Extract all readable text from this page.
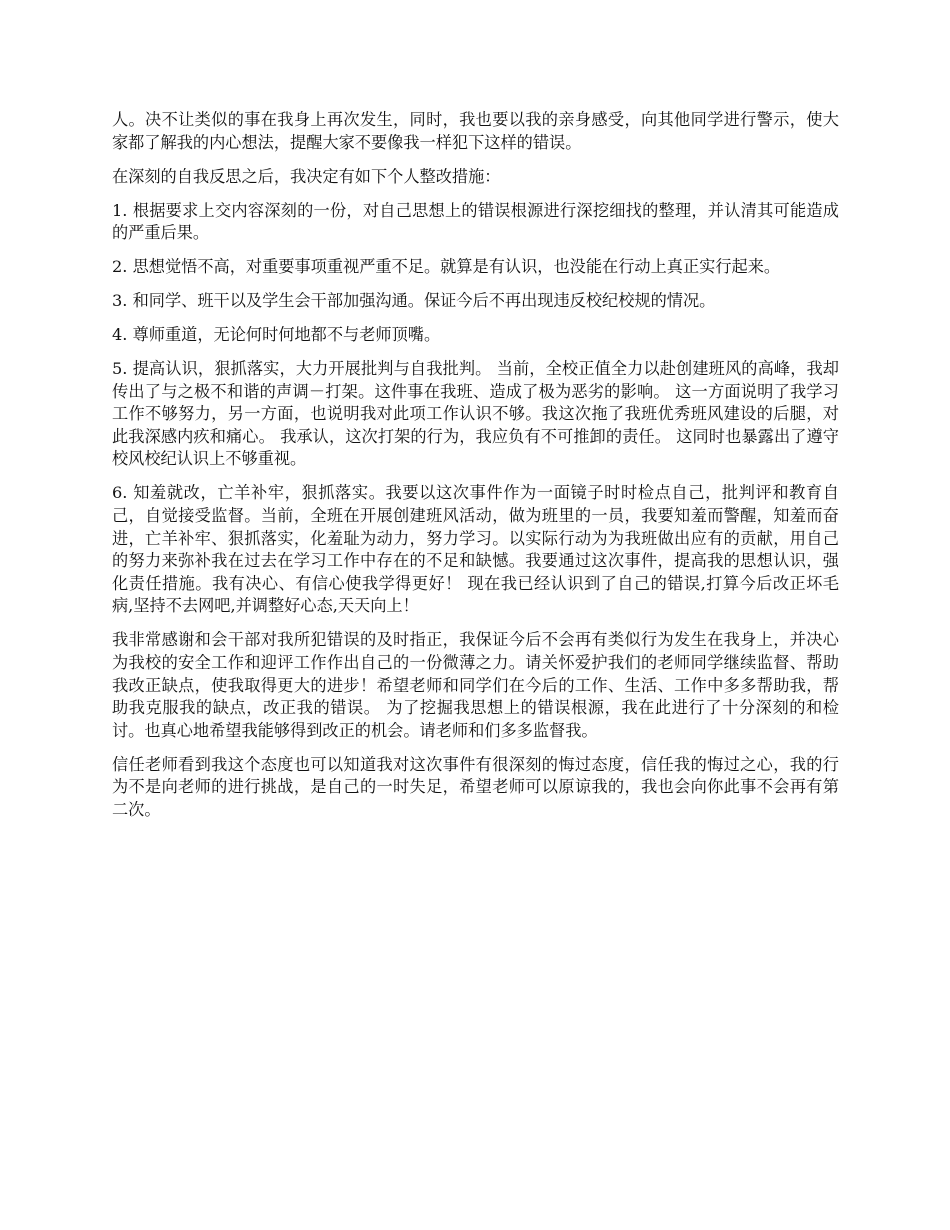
人。决不让类似的事在我身上再次发生，同时，我也要以我的亲身感受，向其他同学进行警示，使大家都了解我的内心想法，提醒大家不要像我一样犯下这样的错误。

在深刻的自我反思之后，我决定有如下个人整改措施：

1. 根据要求上交内容深刻的一份，对自己思想上的错误根源进行深挖细找的整理，并认清其可能造成的严重后果。

2. 思想觉悟不高，对重要事项重视严重不足。就算是有认识，也没能在行动上真正实行起来。

3. 和同学、班干以及学生会干部加强沟通。保证今后不再出现违反校纪校规的情况。

4. 尊师重道，无论何时何地都不与老师顶嘴。

5. 提高认识，狠抓落实，大力开展批判与自我批判。 当前，全校正值全力以赴创建班风的高峰，我却传出了与之极不和谐的声调－打架。这件事在我班、造成了极为恶劣的影响。 这一方面说明了我学习工作不够努力，另一方面，也说明我对此项工作认识不够。我这次拖了我班优秀班风建设的后腿，对此我深感内疚和痛心。 我承认，这次打架的行为，我应负有不可推卸的责任。 这同时也暴露出了遵守校风校纪认识上不够重视。

6. 知羞就改，亡羊补牢，狠抓落实。我要以这次事件作为一面镜子时时检点自己，批判评和教育自己，自觉接受监督。当前，全班在开展创建班风活动，做为班里的一员，我要知羞而警醒，知羞而奋进，亡羊补牢、狠抓落实，化羞耻为动力，努力学习。以实际行动为为我班做出应有的贡献，用自己的努力来弥补我在过去在学习工作中存在的不足和缺憾。我要通过这次事件，提高我的思想认识，强化责任措施。我有决心、有信心使我学得更好！ 现在我已经认识到了自己的错误,打算今后改正坏毛病,坚持不去网吧,并调整好心态,天天向上！

我非常感谢和会干部对我所犯错误的及时指正，我保证今后不会再有类似行为发生在我身上，并决心为我校的安全工作和迎评工作作出自己的一份微薄之力。请关怀爱护我们的老师同学继续监督、帮助我改正缺点，使我取得更大的进步！希望老师和同学们在今后的工作、生活、工作中多多帮助我，帮助我克服我的缺点，改正我的错误。 为了挖掘我思想上的错误根源，我在此进行了十分深刻的和检讨。也真心地希望我能够得到改正的机会。请老师和们多多监督我。

信任老师看到我这个态度也可以知道我对这次事件有很深刻的悔过态度，信任我的悔过之心，我的行为不是向老师的进行挑战，是自己的一时失足，希望老师可以原谅我的，我也会向你此事不会再有第二次。
